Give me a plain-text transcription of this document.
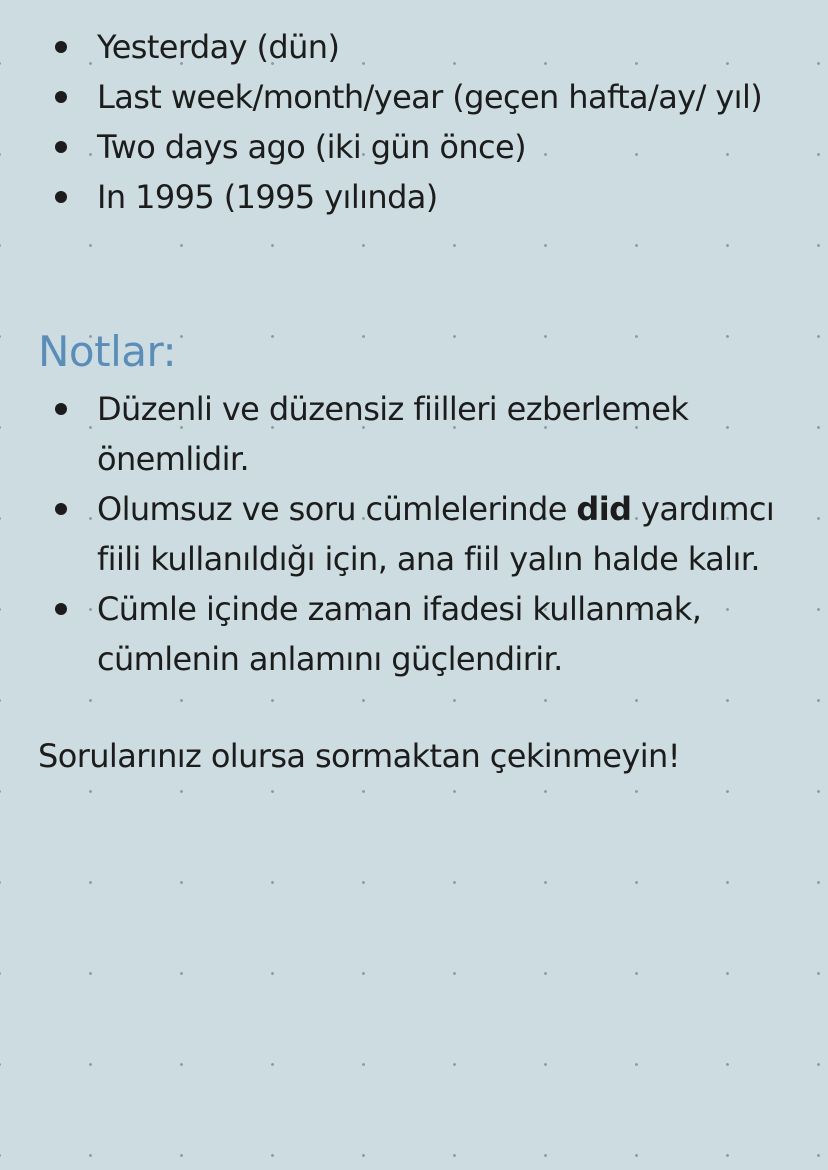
Yesterday (dün)
Last week/month/year (geçen hafta/ay/ yıl)
Two days ago (iki gün önce)
In 1995 (1995 yılında)
Notlar:
Düzenli ve düzensiz fiilleri ezberlemek önemlidir.
Olumsuz ve soru cümlelerinde did yardımcı fiili kullanıldığı için, ana fiil yalın halde kalır.
Cümle içinde zaman ifadesi kullanmak, cümlenin anlamını güçlendirir.

Sorularınız olursa sormaktan çekinmeyin!
